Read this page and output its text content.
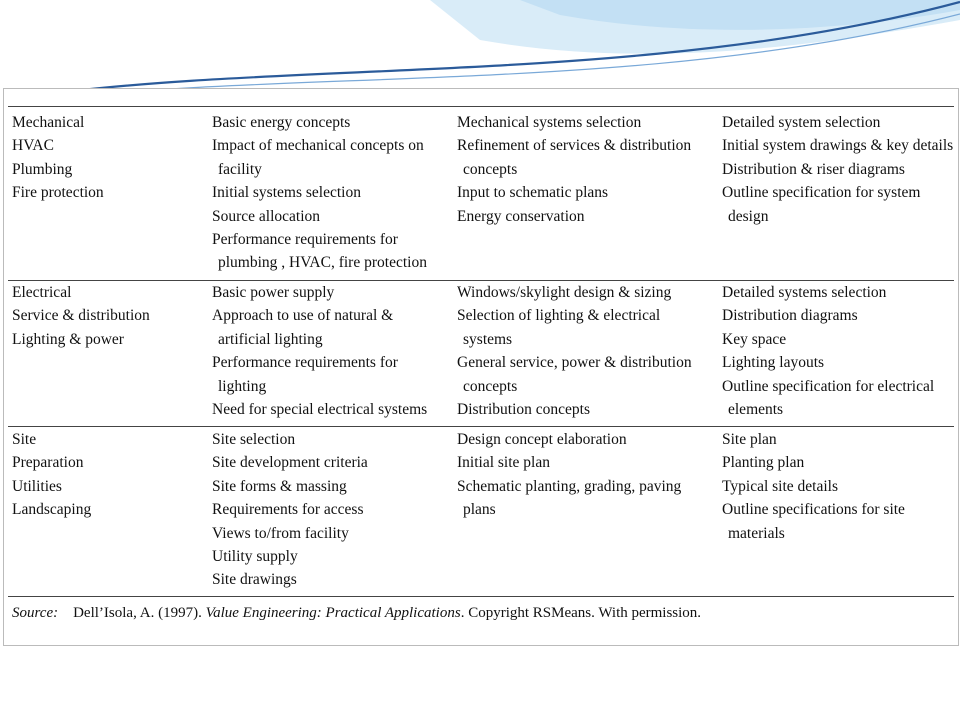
Mechanical
HVAC
Plumbing
Fire protection
Basic energy concepts
Impact of mechanical concepts on
facility
Initial systems selection
Source allocation
Performance requirements for
plumbing , HVAC, fire protection
Mechanical systems selection
Refinement of services & distribution
concepts
Input to schematic plans
Energy conservation
Detailed system selection
Initial system drawings & key details
Distribution & riser diagrams
Outline specification for system
design
Electrical
Service & distribution
Lighting & power
Basic power supply
Approach to use of natural &
artificial lighting
Performance requirements for
lighting
Need for special electrical systems
Windows/skylight design & sizing
Selection of lighting & electrical
systems
General service, power & distribution
concepts
Distribution concepts
Detailed systems selection
Distribution diagrams
Key space
Lighting layouts
Outline specification for electrical
elements
Site
Preparation
Utilities
Landscaping
Site selection
Site development criteria
Site forms & massing
Requirements for access
Views to/from facility
Utility supply
Site drawings
Design concept elaboration
Initial site plan
Schematic planting, grading, paving
plans
Site plan
Planting plan
Typical site details
Outline specifications for site
materials
Source: Dell’Isola, A. (1997). Value Engineering: Practical Applications. Copyright RSMeans. With permission.
